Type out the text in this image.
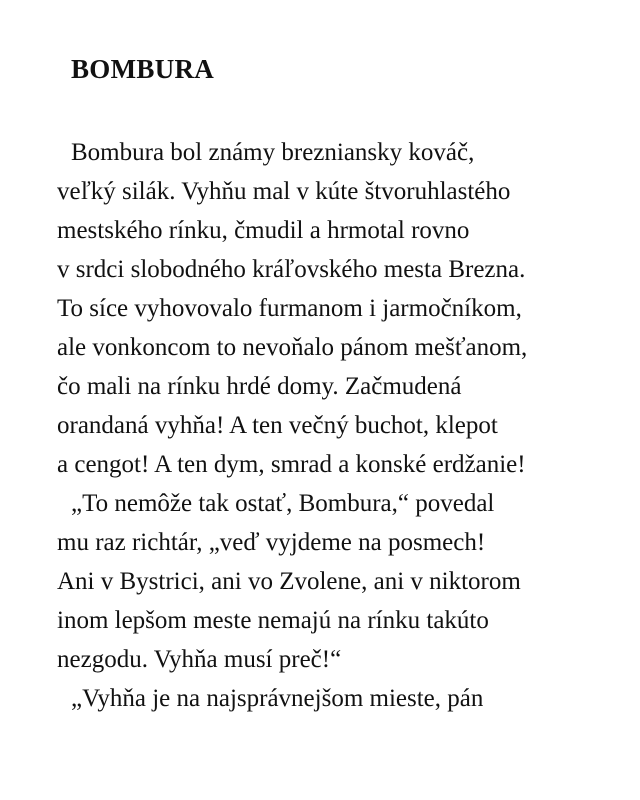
BOMBURA
Bombura bol známy brezniansky kováč,
veľký silák. Vyhňu mal v kúte štvoruhlastého
mestského rínku, čmudil a hrmotal rovno
v srdci slobodného kráľovského mesta Brezna.
To síce vyhovovalo furmanom i jarmočníkom,
ale vonkoncom to nevoňalo pánom mešťanom,
čo mali na rínku hrdé domy. Začmudená
orandaná vyhňa! A ten večný buchot, klepot
a cengot! A ten dym, smrad a konské erdžanie!
„To nemôže tak ostať, Bombura,“ povedal
mu raz richtár, „veď vyjdeme na posmech!
Ani v Bystrici, ani vo Zvolene, ani v niktorom
inom lepšom meste nemajú na rínku takúto
nezgodu. Vyhňa musí preč!“
„Vyhňa je na najsprávnejšom mieste, pán
